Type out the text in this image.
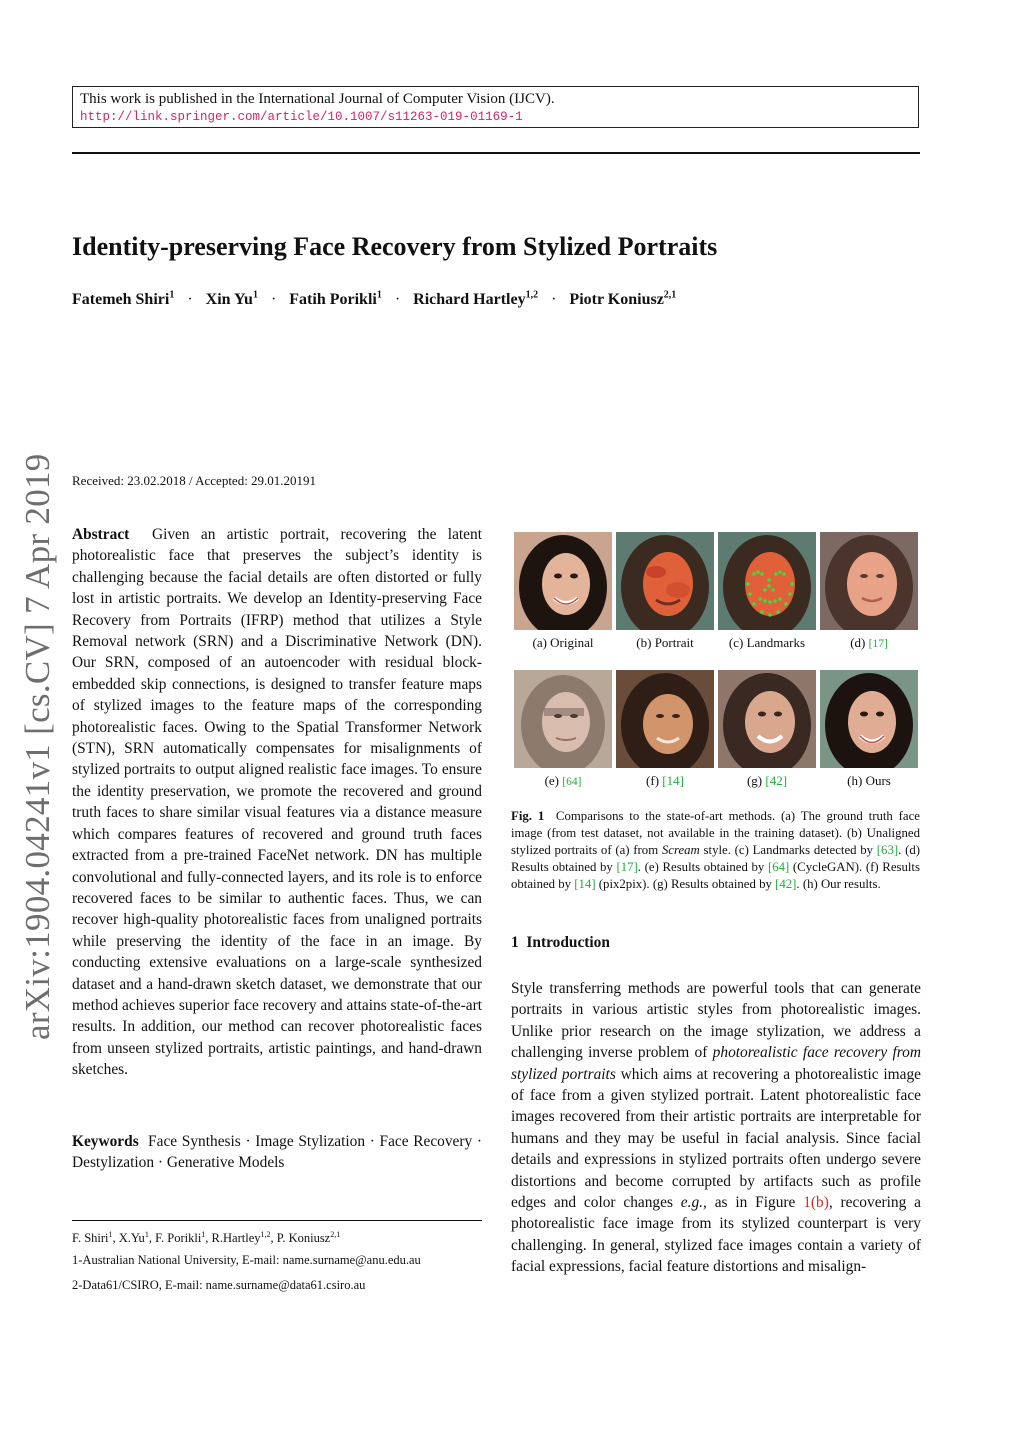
This work is published in the International Journal of Computer Vision (IJCV).
http://link.springer.com/article/10.1007/s11263-019-01169-1
Identity-preserving Face Recovery from Stylized Portraits
Fatemeh Shiri$^1$ · Xin $Yu^1$ · Fatih Porikli$^1$ · Richard Hartley$^{1,2}$ · Piotr Koniusz$^{2,1}$
arXiv:1904.04241v1 [cs.CV] 7 Apr 2019 Received: 23.02.2018 / Accepted: 29.01.20191
Abstract Given an artistic portrait, recovering the latent photorealistic face that preserves the subject’s identity is challenging because the facial details are often distorted or fully lost in artistic portraits. We develop an Identity-preserving Face Recovery from Portraits (IFRP) method that utilizes a Style Removal network (SRN) and a Discriminative Network (DN). Our SRN, composed of an autoencoder with residual block-embedded skip connections, is designed to transfer feature maps of stylized images to the feature maps of the corresponding photorealistic faces. Owing to the Spatial Transformer Network (STN), SRN automatically compensates for misalignments of stylized portraits to output aligned realistic face images. To ensure the identity preservation, we promote the recovered and ground truth faces to share similar visual features via a distance measure which compares features of recovered and ground truth faces extracted from a pre-trained FaceNet network. DN has multiple convolutional and fully-connected layers, and its role is to enforce recovered faces to be similar to authentic faces. Thus, we can recover high-quality photorealistic faces from unaligned portraits while preserving the identity of the face in an image. By conducting extensive evaluations on a large-scale synthesized dataset and a hand-drawn sketch dataset, we demonstrate that our method achieves superior face recovery and attains state-of-the-art results. In addition, our method can recover photorealistic faces from unseen stylized portraits, artistic paintings, and hand-drawn sketches.
Keywords Face Synthesis · Image Stylization · Face Recovery · Destylization · Generative Models
F. Shiri$^1$, X.Yu$^1$, F. Porikli$^1$, R.Hartley$^{1,2}$, P. Koniusz$^{2,1}$
1-Australian National University, E-mail: name.surname@anu.edu.au
2-Data61/CSIRO, E-mail: name.surname@data61.csiro.au
(a) Original	(b) Portrait	(c) Landmarks	(d) [17]
(e) [64]	(f) [14]	(g) [42]	(h) Ours
Fig. 1 Comparisons to the state-of-art methods. (a) The ground truth face image (from test dataset, not available in the training dataset). (b) Unaligned stylized portraits of (a) from Scream style. (c) Landmarks detected by [63]. (d) Results obtained by [17]. (e) Results obtained by [64] (CycleGAN). (f) Results obtained by [14] (pix2pix). (g) Results obtained by [42]. (h) Our results.
1 Introduction
Style transferring methods are powerful tools that can generate portraits in various artistic styles from photorealistic images. Unlike prior research on the image stylization, we address a challenging inverse problem of photorealistic face recovery from stylized portraits which aims at recovering a photorealistic image of face from a given stylized portrait. Latent photorealistic face images recovered from their artistic portraits are interpretable for humans and they may be useful in facial analysis. Since facial details and expressions in stylized portraits often undergo severe distortions and become corrupted by artifacts such as profile edges and color changes e.g., as in Figure 1(b), recovering a photorealistic face image from its stylized counterpart is very challenging. In general, stylized face images contain a variety of facial expressions, facial feature distortions and misalign-
